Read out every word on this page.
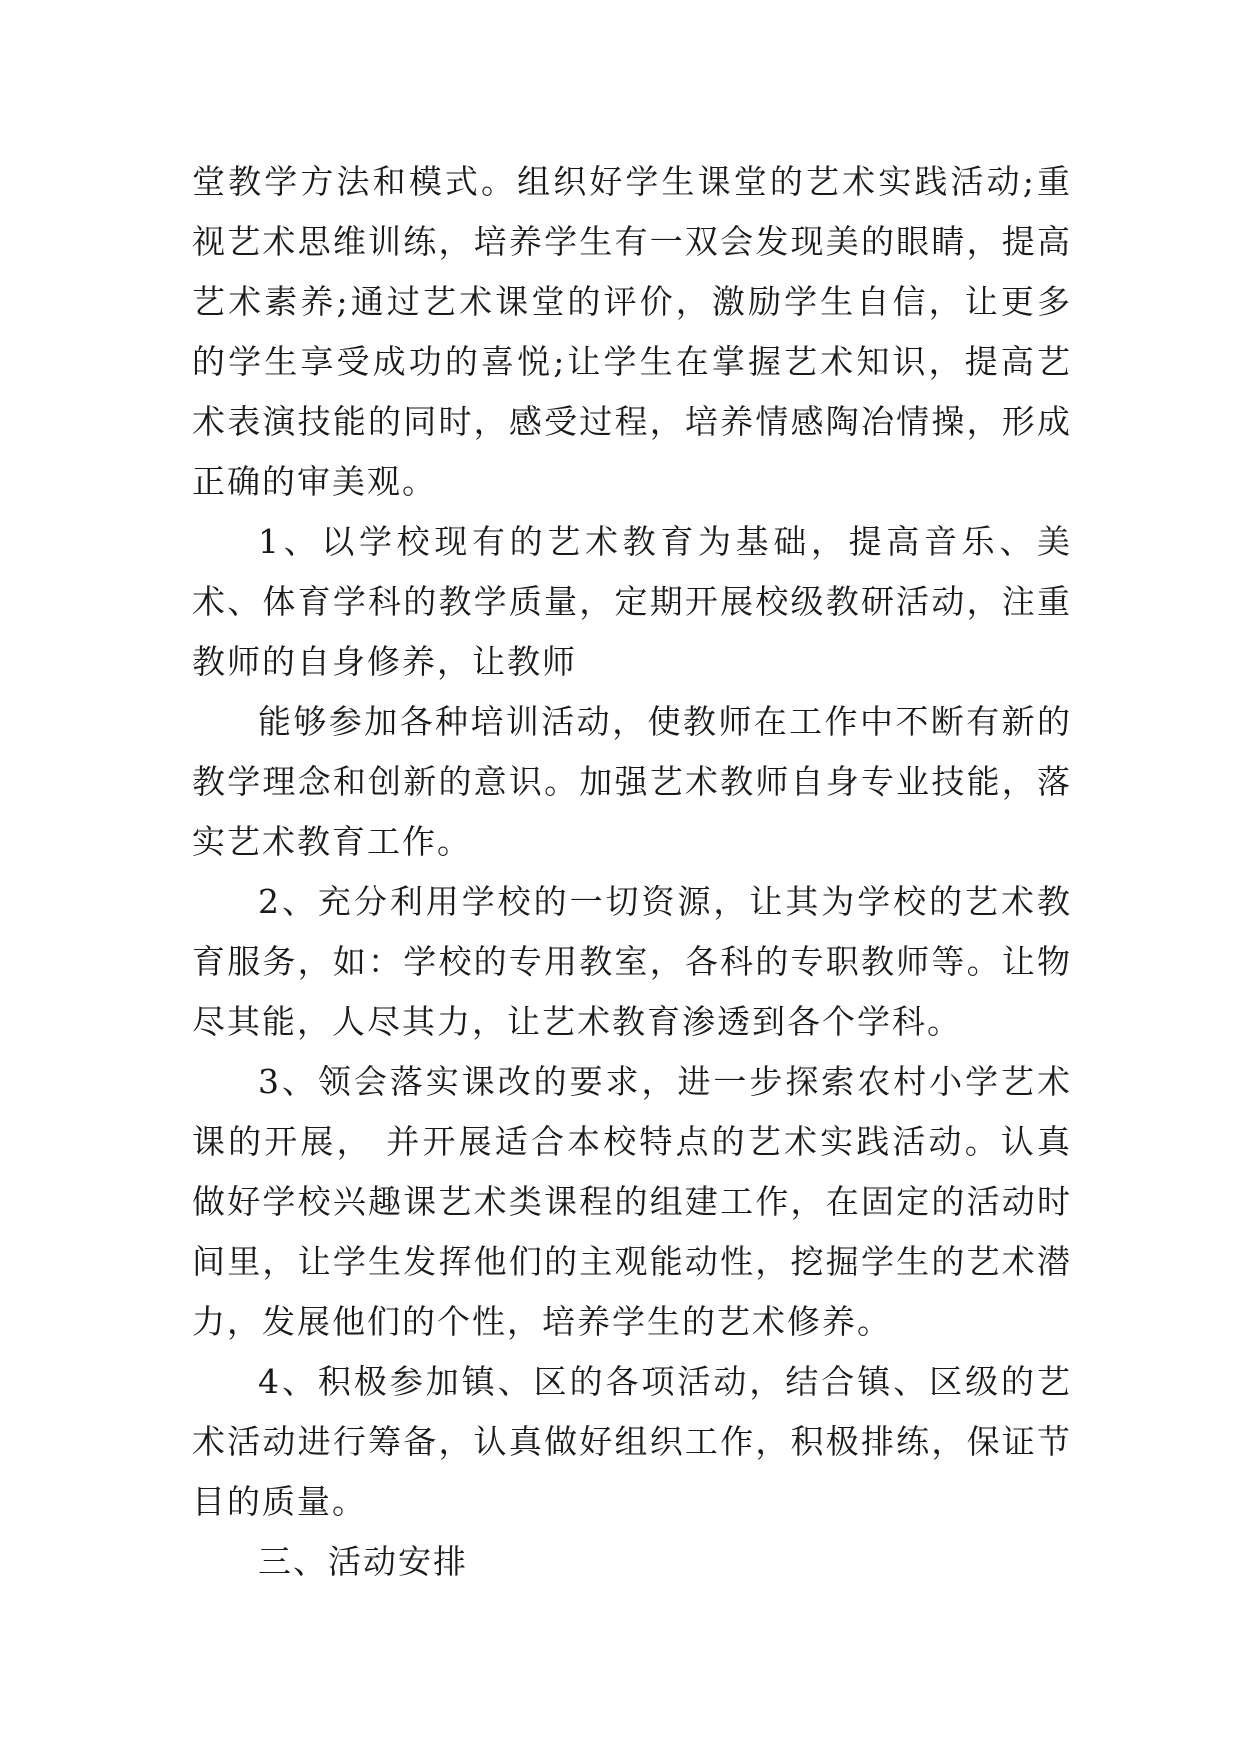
堂教学方法和模式。组织好学生课堂的艺术实践活动;重视艺术思维训练，培养学生有一双会发现美的眼睛，提高艺术素养;通过艺术课堂的评价，激励学生自信，让更多的学生享受成功的喜悦;让学生在掌握艺术知识，提高艺术表演技能的同时，感受过程，培养情感陶冶情操，形成正确的审美观。

1、以学校现有的艺术教育为基础，提高音乐、美术、体育学科的教学质量，定期开展校级教研活动，注重教师的自身修养，让教师

能够参加各种培训活动，使教师在工作中不断有新的教学理念和创新的意识。加强艺术教师自身专业技能，落实艺术教育工作。

2、充分利用学校的一切资源，让其为学校的艺术教育服务，如：学校的专用教室，各科的专职教师等。让物尽其能，人尽其力，让艺术教育渗透到各个学科。

3、领会落实课改的要求，进一步探索农村小学艺术课的开展， 并开展适合本校特点的艺术实践活动。认真做好学校兴趣课艺术类课程的组建工作，在固定的活动时间里，让学生发挥他们的主观能动性，挖掘学生的艺术潜力，发展他们的个性，培养学生的艺术修养。

4、积极参加镇、区的各项活动，结合镇、区级的艺术活动进行筹备，认真做好组织工作，积极排练，保证节目的质量。

三、活动安排
